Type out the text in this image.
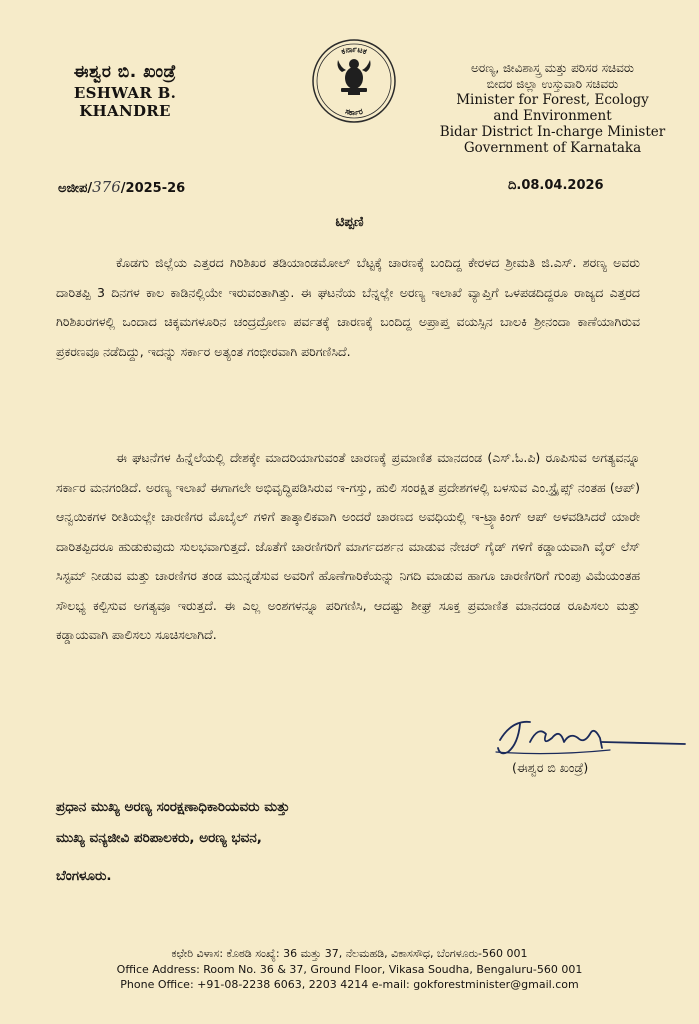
ಈಶ್ವರ ಬಿ. ಖಂಡ್ರೆ
ESHWAR B. KHANDRE
ಕರ್ನಾಟಕ
ಸರ್ಕಾರ
ಅರಣ್ಯ, ಜೀವಿಶಾಸ್ತ್ರ ಮತ್ತು ಪರಿಸರ ಸಚಿವರು
ಬೀದರ ಜಿಲ್ಲಾ ಉಸ್ತುವಾರಿ ಸಚಿವರು
Minister for Forest, Ecology
and Environment
Bidar District In-charge Minister
Government of Karnataka
ಅಜೀಪ/376/2025-26	ದಿ.08.04.2026
ಟಿಪ್ಪಣಿ
ಕೊಡಗು ಜಿಲ್ಲೆಯ ಎತ್ತರದ ಗಿರಿಶಿಖರ ತಡಿಯಾಂಡಮೋಲ್ ಬೆಟ್ಟಕ್ಕೆ ಚಾರಣಕ್ಕೆ ಬಂದಿದ್ದ ಕೇರಳದ ಶ್ರೀಮತಿ ಜಿ.ಎಸ್. ಶರಣ್ಯ ಅವರು ದಾರಿತಪ್ಪಿ 3 ದಿನಗಳ ಕಾಲ ಕಾಡಿನಲ್ಲಿಯೇ ಇರುವಂತಾಗಿತ್ತು. ಈ ಘಟನೆಯ ಬೆನ್ನಲ್ಲೇ ಅರಣ್ಯ ಇಲಾಖೆ ವ್ಯಾಪ್ತಿಗೆ ಒಳಪಡದಿದ್ದರೂ ರಾಜ್ಯದ ಎತ್ತರದ ಗಿರಿಶಿಖರಗಳಲ್ಲಿ ಒಂದಾದ ಚಿಕ್ಕಮಗಳೂರಿನ ಚಂದ್ರದ್ರೋಣ ಪರ್ವತಕ್ಕೆ ಚಾರಣಕ್ಕೆ ಬಂದಿದ್ದ ಅಪ್ರಾಪ್ತ ವಯಸ್ಸಿನ ಬಾಲಕಿ ಶ್ರೀನಂದಾ ಕಾಣೆಯಾಗಿರುವ ಪ್ರಕರಣವೂ ನಡೆದಿದ್ದು, ಇದನ್ನು ಸರ್ಕಾರ ಅತ್ಯಂತ ಗಂಭೀರವಾಗಿ ಪರಿಗಣಿಸಿದೆ.
ಈ ಘಟನೆಗಳ ಹಿನ್ನೆಲೆಯಲ್ಲಿ ದೇಶಕ್ಕೇ ಮಾದರಿಯಾಗುವಂತೆ ಚಾರಣಕ್ಕೆ ಪ್ರಮಾಣಿತ ಮಾನದಂಡ (ಎಸ್.ಓ.ಪಿ) ರೂಪಿಸುವ ಅಗತ್ಯವನ್ನೂ ಸರ್ಕಾರ ಮನಗಂಡಿದೆ. ಅರಣ್ಯ ಇಲಾಖೆ ಈಗಾಗಲೇ ಅಭಿವೃದ್ಧಿಪಡಿಸಿರುವ ಇ-ಗಸ್ತು, ಹುಲಿ ಸಂರಕ್ಷಿತ ಪ್ರದೇಶಗಳಲ್ಲಿ ಬಳಸುವ ಎಂ.ಸ್ಟ್ರೈಪ್ಸ್ ನಂತಹ (ಆಪ್) ಆನ್ವಯಿಕಗಳ ರೀತಿಯಲ್ಲೇ ಚಾರಣಿಗರ ಮೊಬೈಲ್ ಗಳಿಗೆ ತಾತ್ಕಾಲಿಕವಾಗಿ ಅಂದರೆ ಚಾರಣದ ಅವಧಿಯಲ್ಲಿ ಇ-ಟ್ರ್ಯಾಕಿಂಗ್ ಆಪ್ ಅಳವಡಿಸಿದರೆ ಯಾರೇ ದಾರಿತಪ್ಪಿದರೂ ಹುಡುಕುವುದು ಸುಲಭವಾಗುತ್ತದೆ. ಜೊತೆಗೆ ಚಾರಣಿಗರಿಗೆ ಮಾರ್ಗದರ್ಶನ ಮಾಡುವ ನೇಚರ್ ಗೈಡ್ ಗಳಿಗೆ ಕಡ್ಡಾಯವಾಗಿ ವೈರ್ ಲೆಸ್ ಸಿಸ್ಟಮ್ ನೀಡುವ ಮತ್ತು ಚಾರಣಿಗರ ತಂಡ ಮುನ್ನಡೆಸುವ ಅವರಿಗೆ ಹೊಣೆಗಾರಿಕೆಯನ್ನು ನಿಗದಿ ಮಾಡುವ ಹಾಗೂ ಚಾರಣಿಗರಿಗೆ ಗುಂಪು ವಿಮೆಯಂತಹ ಸೌಲಭ್ಯ ಕಲ್ಪಿಸುವ ಅಗತ್ಯವೂ ಇರುತ್ತದೆ. ಈ ಎಲ್ಲ ಅಂಶಗಳನ್ನೂ ಪರಿಗಣಿಸಿ, ಆದಷ್ಟು ಶೀಘ್ರ ಸೂಕ್ತ ಪ್ರಮಾಣಿತ ಮಾನದಂಡ ರೂಪಿಸಲು ಮತ್ತು ಕಡ್ಡಾಯವಾಗಿ ಪಾಲಿಸಲು ಸೂಚಿಸಲಾಗಿದೆ.
(ಈಶ್ವರ ಬಿ ಖಂಡ್ರೆ)
ಪ್ರಧಾನ ಮುಖ್ಯ ಅರಣ್ಯ ಸಂರಕ್ಷಣಾಧಿಕಾರಿಯವರು ಮತ್ತು
ಮುಖ್ಯ ವನ್ಯಜೀವಿ ಪರಿಪಾಲಕರು, ಅರಣ್ಯ ಭವನ,
ಬೆಂಗಳೂರು.
ಕಛೇರಿ ವಿಳಾಸ: ಕೊಠಡಿ ಸಂಖ್ಯೆ: 36 ಮತ್ತು 37, ನೆಲಮಹಡಿ, ವಿಕಾಸಸೌಧ, ಬೆಂಗಳೂರು-560 001
Office Address: Room No. 36 & 37, Ground Floor, Vikasa Soudha, Bengaluru-560 001
Phone Office: +91-08-2238 6063, 2203 4214 e-mail: gokforestminister@gmail.com
